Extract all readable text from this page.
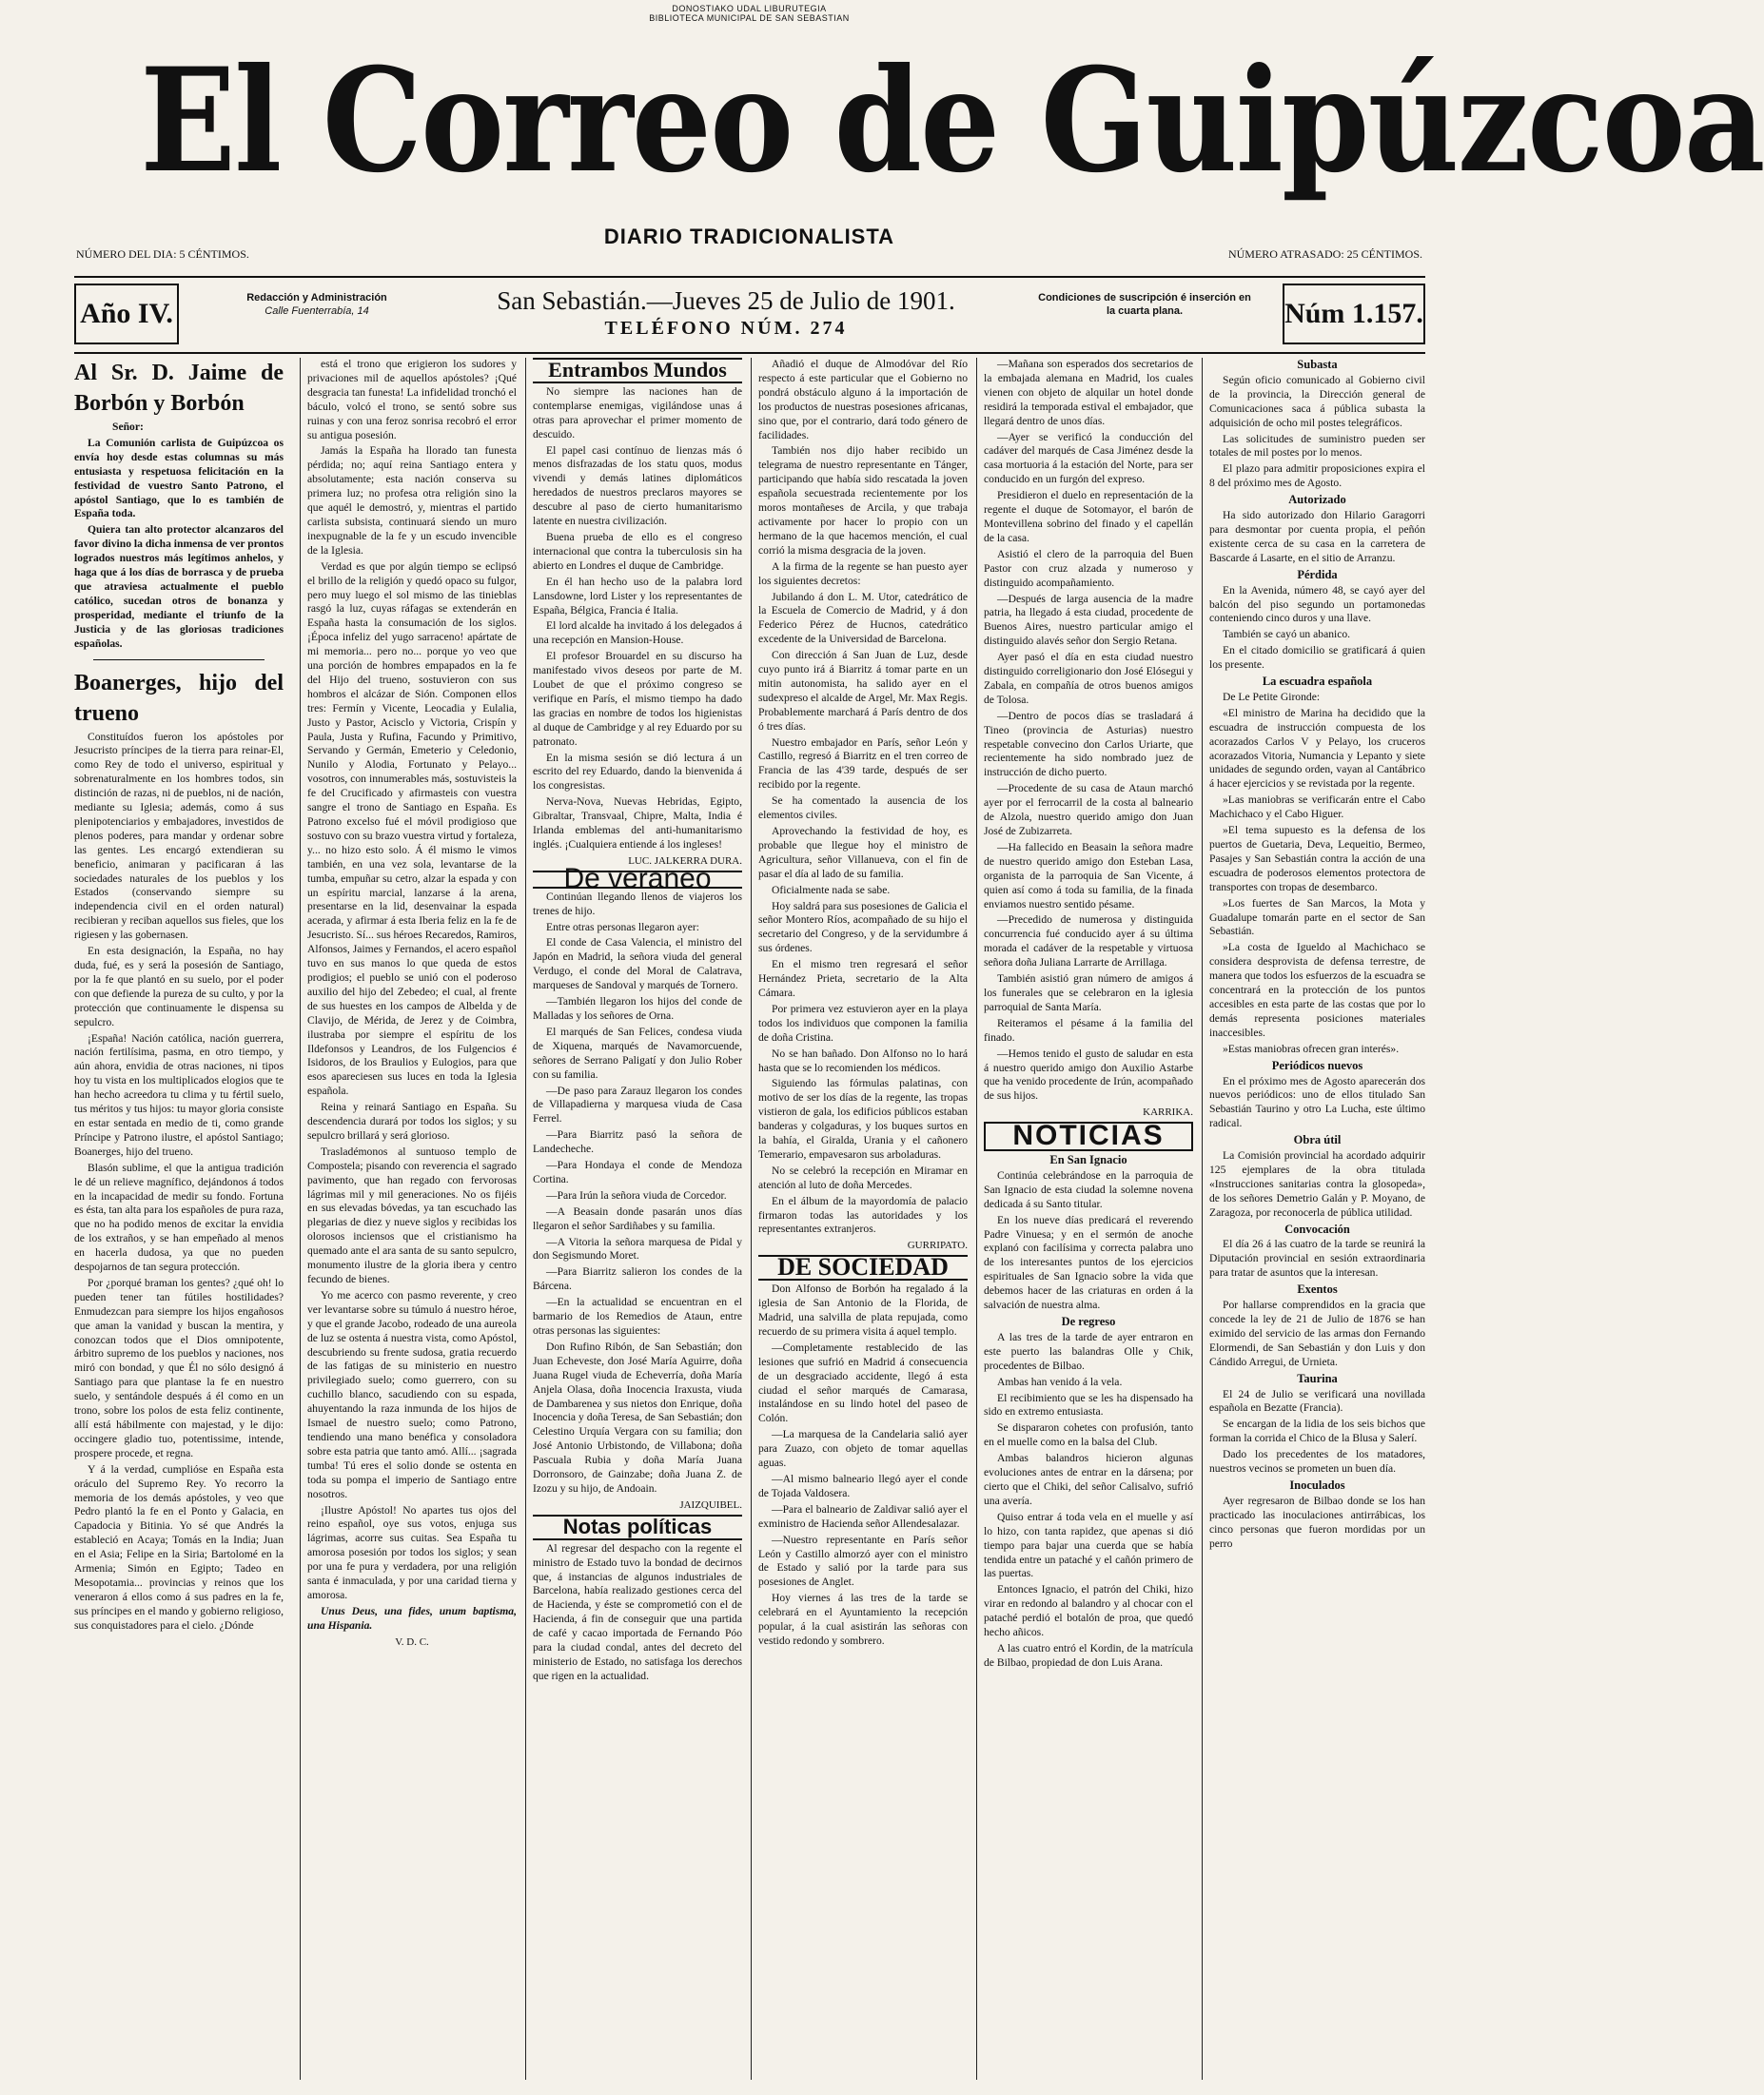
DONOSTIAKO UDAL LIBURUTEGIA
BIBLIOTECA MUNICIPAL DE SAN SEBASTIAN
El Correo de Guipúzcoa
NÚMERO DEL DIA: 5 CÉNTIMOS.
DIARIO TRADICIONALISTA
NÚMERO ATRASADO: 25 CÉNTIMOS.
Año IV.	Redacción y Administración
Calle Fuenterrabía, 14	San Sebastián.—Jueves 25 de Julio de 1901.
TELÉFONO NÚM. 274
Condiciones de suscripción é inserción en la cuarta plana.	Núm 1.157.

Al Sr. D. Jaime de Borbón y Borbón

Señor:

La Comunión carlista de Guipúzcoa os envía hoy desde estas columnas su más entusiasta y respetuosa felicitación en la festividad de vuestro Santo Patrono, el apóstol Santiago, que lo es también de España toda.

Quiera tan alto protector alcanzaros del favor divino la dicha inmensa de ver prontos logrados nuestros más legítimos anhelos, y haga que á los días de borrasca y de prueba que atraviesa actualmente el pueblo católico, sucedan otros de bonanza y prosperidad, mediante el triunfo de la Justicia y de las gloriosas tradiciones españolas.

Boanerges, hijo del trueno

Constituídos fueron los apóstoles por Jesucristo príncipes de la tierra para reinar-El, como Rey de todo el universo, espiritual y sobrenaturalmente en los hombres todos, sin distinción de razas, ni de pueblos, ni de nación, mediante su Iglesia; además, como á sus plenipotenciarios y embajadores, investidos de plenos poderes, para mandar y ordenar sobre las gentes. Les encargó extendieran su beneficio, animaran y pacificaran á las sociedades naturales de los pueblos y los Estados (conservando siempre su independencia civil en el orden natural) recibieran y reciban aquellos sus fieles, que los rigiesen y las gobernasen.

En esta designación, la España, no hay duda, fué, es y será la posesión de Santiago, por la fe que plantó en su suelo, por el poder con que defiende la pureza de su culto, y por la protección que continuamente le dispensa su sepulcro.

¡España! Nación católica, nación guerrera, nación fertilísima, pasma, en otro tiempo, y aún ahora, envidia de otras naciones, ni tipos hoy tu vista en los multiplicados elogios que te han hecho acreedora tu clima y tu fértil suelo, tus méritos y tus hijos: tu mayor gloria consiste en estar sentada en medio de ti, como grande Príncipe y Patrono ilustre, el apóstol Santiago; Boanerges, hijo del trueno.

Blasón sublime, el que la antigua tradición le dé un relieve magnífico, dejándonos á todos en la incapacidad de medir su fondo. Fortuna es ésta, tan alta para los españoles de pura raza, que no ha podido menos de excitar la envidia de los extraños, y se han empeñado al menos en hacerla dudosa, ya que no pueden despojarnos de tan segura protección.

Por ¿porqué braman los gentes? ¿qué oh! lo pueden tener tan fútiles hostilidades? Enmudezcan para siempre los hijos engañosos que aman la vanidad y buscan la mentira, y conozcan todos que el Dios omnipotente, árbitro supremo de los pueblos y naciones, nos miró con bondad, y que Él no sólo designó á Santiago para que plantase la fe en nuestro suelo, y sentándole después á él como en un trono, sobre los polos de esta feliz continente, allí está hábilmente con majestad, y le dijo: occingere gladio tuo, potentissime, intende, prospere procede, et regna.

Y á la verdad, cumplióse en España esta oráculo del Supremo Rey. Yo recorro la memoria de los demás apóstoles, y veo que Pedro plantó la fe en el Ponto y Galacia, en Capadocia y Bitinia. Yo sé que Andrés la estableció en Acaya; Tomás en la India; Juan en el Asia; Felipe en la Siria; Bartolomé en la Armenia; Simón en Egipto; Tadeo en Mesopotamia... provincias y reinos que los veneraron á ellos como á sus padres en la fe, sus príncipes en el mando y gobierno religioso, sus conquistadores para el cielo. ¿Dónde

está el trono que erigieron los sudores y privaciones mil de aquellos apóstoles? ¡Qué desgracia tan funesta! La infidelidad tronchó el báculo, volcó el trono, se sentó sobre sus ruinas y con una feroz sonrisa recobró el error su antigua posesión.

Jamás la España ha llorado tan funesta pérdida; no; aquí reina Santiago entera y absolutamente; esta nación conserva su primera luz; no profesa otra religión sino la que aquél le demostró, y, mientras el partido carlista subsista, continuará siendo un muro inexpugnable de la fe y un escudo invencible de la Iglesia.

Verdad es que por algún tiempo se eclipsó el brillo de la religión y quedó opaco su fulgor, pero muy luego el sol mismo de las tinieblas rasgó la luz, cuyas ráfagas se extenderán en España hasta la consumación de los siglos. ¡Época infeliz del yugo sarraceno! apártate de mi memoria... pero no... porque yo veo que una porción de hombres empapados en la fe del Hijo del trueno, sostuvieron con sus hombros el alcázar de Sión. Componen ellos tres: Fermín y Vicente, Leocadia y Eulalia, Justo y Pastor, Acisclo y Victoria, Crispín y Paula, Justa y Rufina, Facundo y Primitivo, Servando y Germán, Emeterio y Celedonio, Nunilo y Alodia, Fortunato y Pelayo... vosotros, con innumerables más, sostuvisteis la fe del Crucificado y afirmasteis con vuestra sangre el trono de Santiago en España. Es Patrono excelso fué el móvil prodigioso que sostuvo con su brazo vuestra virtud y fortaleza, y... no hizo esto solo. Á él mismo le vimos también, en una vez sola, levantarse de la tumba, empuñar su cetro, alzar la espada y con un espíritu marcial, lanzarse á la arena, presentarse en la lid, desenvainar la espada acerada, y afirmar á esta Iberia feliz en la fe de Jesucristo. Sí... sus héroes Recaredos, Ramiros, Alfonsos, Jaimes y Fernandos, el acero español tuvo en sus manos lo que queda de estos prodigios; el pueblo se unió con el poderoso auxilio del hijo del Zebedeo; el cual, al frente de sus huestes en los campos de Albelda y de Clavijo, de Mérida, de Jerez y de Coimbra, ilustraba por siempre el espíritu de los Ildefonsos y Leandros, de los Fulgencios é Isidoros, de los Braulios y Eulogios, para que esos apareciesen sus luces en toda la Iglesia española.

Reina y reinará Santiago en España. Su descendencia durará por todos los siglos; y su sepulcro brillará y será glorioso.

Trasladémonos al suntuoso templo de Compostela; pisando con reverencia el sagrado pavimento, que han regado con fervorosas lágrimas mil y mil generaciones. No os fijéis en sus elevadas bóvedas, ya tan escuchado las plegarias de diez y nueve siglos y recibidas los olorosos inciensos que el cristianismo ha quemado ante el ara santa de su santo sepulcro, monumento ilustre de la gloria ibera y centro fecundo de bienes.

Yo me acerco con pasmo reverente, y creo ver levantarse sobre su túmulo á nuestro héroe, y que el grande Jacobo, rodeado de una aureola de luz se ostenta á nuestra vista, como Apóstol, descubriendo su frente sudosa, gratia recuerdo de las fatigas de su ministerio en nuestro privilegiado suelo; como guerrero, con su cuchillo blanco, sacudiendo con su espada, ahuyentando la raza inmunda de los hijos de Ismael de nuestro suelo; como Patrono, tendiendo una mano benéfica y consoladora sobre esta patria que tanto amó. Allí... ¡sagrada tumba! Tú eres el solio donde se ostenta en toda su pompa el imperio de Santiago entre nosotros.

¡Ilustre Apóstol! No apartes tus ojos del reino español, oye sus votos, enjuga sus lágrimas, acorre sus cuitas. Sea España tu amorosa posesión por todos los siglos; y sean por una fe pura y verdadera, por una religión santa é inmaculada, y por una caridad tierna y amorosa.

Unus Deus, una fides, unum baptisma, una Hispania.

V. D. C.

Entrambos Mundos

No siempre las naciones han de contemplarse enemigas, vigilándose unas á otras para aprovechar el primer momento de descuido.

El papel casi contínuo de lienzas más ó menos disfrazadas de los statu quos, modus vivendi y demás latines diplomáticos heredados de nuestros preclaros mayores se descubre al paso de cierto humanitarismo latente en nuestra civilización.

Buena prueba de ello es el congreso internacional que contra la tuberculosis sin ha abierto en Londres el duque de Cambridge.

En él han hecho uso de la palabra lord Lansdowne, lord Lister y los representantes de España, Bélgica, Francia é Italia.

El lord alcalde ha invitado á los delegados á una recepción en Mansion-House.

El profesor Brouardel en su discurso ha manifestado vivos deseos por parte de M. Loubet de que el próximo congreso se verifique en París, el mismo tiempo ha dado las gracias en nombre de todos los higienistas al duque de Cambridge y al rey Eduardo por su patronato.

En la misma sesión se dió lectura á un escrito del rey Eduardo, dando la bienvenida á los congresistas.

Nerva-Nova, Nuevas Hebridas, Egipto, Gibraltar, Transvaal, Chipre, Malta, India é Irlanda emblemas del anti-humanitarismo inglés. ¡Cualquiera entiende á los ingleses!

LUC. JALKERRA DURA.

De veraneo

Continúan llegando llenos de viajeros los trenes de hijo.

Entre otras personas llegaron ayer:

El conde de Casa Valencia, el ministro del Japón en Madrid, la señora viuda del general Verdugo, el conde del Moral de Calatrava, marqueses de Sandoval y marqués de Tornero.

—También llegaron los hijos del conde de Malladas y los señores de Orna.

El marqués de San Felices, condesa viuda de Xiquena, marqués de Navamorcuende, señores de Serrano Paligatí y don Julio Rober con su familia.

—De paso para Zarauz llegaron los condes de Villapadierna y marquesa viuda de Casa Ferrel.

—Para Biarritz pasó la señora de Landecheche.

—Para Hondaya el conde de Mendoza Cortina.

—Para Irún la señora viuda de Corcedor.

—A Beasain donde pasarán unos días llegaron el señor Sardiñabes y su familia.

—A Vitoria la señora marquesa de Pidal y don Segismundo Moret.

—Para Biarritz salieron los condes de la Bárcena.

—En la actualidad se encuentran en el barmario de los Remedios de Ataun, entre otras personas las siguientes:

Don Rufino Ribón, de San Sebastián; don Juan Echeveste, don José María Aguirre, doña Juana Rugel viuda de Echeverría, doña María Anjela Olasa, doña Inocencia Iraxusta, viuda de Dambarenea y sus nietos don Enrique, doña Inocencia y doña Teresa, de San Sebastián; don Celestino Urquía Vergara con su familia; don José Antonio Urbistondo, de Villabona; doña Pascuala Rubia y doña María Juana Dorronsoro, de Gainzabe; doña Juana Z. de Izozu y su hijo, de Andoain.

JAIZQUIBEL.

Notas políticas

Al regresar del despacho con la regente el ministro de Estado tuvo la bondad de decirnos que, á instancias de algunos industriales de Barcelona, había realizado gestiones cerca del de Hacienda, y éste se comprometió con el de Hacienda, á fin de conseguir que una partida de café y cacao importada de Fernando Póo para la ciudad condal, antes del decreto del ministerio de Estado, no satisfaga los derechos que rigen en la actualidad.

Añadió el duque de Almodóvar del Río respecto á este particular que el Gobierno no pondrá obstáculo alguno á la importación de los productos de nuestras posesiones africanas, sino que, por el contrario, dará todo género de facilidades.

También nos dijo haber recibido un telegrama de nuestro representante en Tánger, participando que había sido rescatada la joven española secuestrada recientemente por los moros montañeses de Arcila, y que trabaja activamente por hacer lo propio con un hermano de la que hacemos mención, el cual corrió la misma desgracia de la joven.

A la firma de la regente se han puesto ayer los siguientes decretos:

Jubilando á don L. M. Utor, catedrático de la Escuela de Comercio de Madrid, y á don Federico Pérez de Hucnos, catedrático excedente de la Universidad de Barcelona.

Con dirección á San Juan de Luz, desde cuyo punto irá á Biarritz á tomar parte en un mitin autonomista, ha salido ayer en el sudexpreso el alcalde de Argel, Mr. Max Regis. Probablemente marchará á París dentro de dos ó tres días.

Nuestro embajador en París, señor León y Castillo, regresó á Biarritz en el tren correo de Francia de las 4'39 tarde, después de ser recibido por la regente.

Se ha comentado la ausencia de los elementos civiles.

Aprovechando la festividad de hoy, es probable que llegue hoy el ministro de Agricultura, señor Villanueva, con el fin de pasar el día al lado de su familia.

Oficialmente nada se sabe.

Hoy saldrá para sus posesiones de Galicia el señor Montero Ríos, acompañado de su hijo el secretario del Congreso, y de la servidumbre á sus órdenes.

En el mismo tren regresará el señor Hernández Prieta, secretario de la Alta Cámara.

Por primera vez estuvieron ayer en la playa todos los individuos que componen la familia de doña Cristina.

No se han bañado. Don Alfonso no lo hará hasta que se lo recomienden los médicos.

Siguiendo las fórmulas palatinas, con motivo de ser los días de la regente, las tropas vistieron de gala, los edificios públicos estaban banderas y colgaduras, y los buques surtos en la bahía, el Giralda, Urania y el cañonero Temerario, empavesaron sus arboladuras.

No se celebró la recepción en Miramar en atención al luto de doña Mercedes.

En el álbum de la mayordomía de palacio firmaron todas las autoridades y los representantes extranjeros.

GURRIPATO.

DE SOCIEDAD

Don Alfonso de Borbón ha regalado á la iglesia de San Antonio de la Florida, de Madrid, una salvilla de plata repujada, como recuerdo de su primera visita á aquel templo.

—Completamente restablecido de las lesiones que sufrió en Madrid á consecuencia de un desgraciado accidente, llegó á esta ciudad el señor marqués de Camarasa, instalándose en su lindo hotel del paseo de Colón.

—La marquesa de la Candelaria salió ayer para Zuazo, con objeto de tomar aquellas aguas.

—Al mismo balneario llegó ayer el conde de Tojada Valdosera.

—Para el balneario de Zaldivar salió ayer el exministro de Hacienda señor Allendesalazar.

—Nuestro representante en París señor León y Castillo almorzó ayer con el ministro de Estado y salió por la tarde para sus posesiones de Anglet.

Hoy viernes á las tres de la tarde se celebrará en el Ayuntamiento la recepción popular, á la cual asistirán las señoras con vestido redondo y sombrero.

—Mañana son esperados dos secretarios de la embajada alemana en Madrid, los cuales vienen con objeto de alquilar un hotel donde residirá la temporada estival el embajador, que llegará dentro de unos días.

—Ayer se verificó la conducción del cadáver del marqués de Casa Jiménez desde la casa mortuoria á la estación del Norte, para ser conducido en un furgón del expreso.

Presidieron el duelo en representación de la regente el duque de Sotomayor, el barón de Montevillena sobrino del finado y el capellán de la casa.

Asistió el clero de la parroquia del Buen Pastor con cruz alzada y numeroso y distinguido acompañamiento.

—Después de larga ausencia de la madre patria, ha llegado á esta ciudad, procedente de Buenos Aires, nuestro particular amigo el distinguido alavés señor don Sergio Retana.

Ayer pasó el día en esta ciudad nuestro distinguido correligionario don José Elósegui y Zabala, en compañía de otros buenos amigos de Tolosa.

—Dentro de pocos días se trasladará á Tineo (provincia de Asturias) nuestro respetable convecino don Carlos Uriarte, que recientemente ha sido nombrado juez de instrucción de dicho puerto.

—Procedente de su casa de Ataun marchó ayer por el ferrocarril de la costa al balneario de Alzola, nuestro querido amigo don Juan José de Zubizarreta.

—Ha fallecido en Beasain la señora madre de nuestro querido amigo don Esteban Lasa, organista de la parroquia de San Vicente, á quien así como á toda su familia, de la finada enviamos nuestro sentido pésame.

—Precedido de numerosa y distinguida concurrencia fué conducido ayer á su última morada el cadáver de la respetable y virtuosa señora doña Juliana Larrarte de Arrillaga.

También asistió gran número de amigos á los funerales que se celebraron en la iglesia parroquial de Santa María.

Reiteramos el pésame á la familia del finado.

—Hemos tenido el gusto de saludar en esta á nuestro querido amigo don Auxilio Astarbe que ha venido procedente de Irún, acompañado de sus hijos.

KARRIKA.

NOTICIAS

En San Ignacio

Continúa celebrándose en la parroquia de San Ignacio de esta ciudad la solemne novena dedicada á su Santo titular.

En los nueve días predicará el reverendo Padre Vinuesa; y en el sermón de anoche explanó con facilísima y correcta palabra uno de los interesantes puntos de los ejercicios espirituales de San Ignacio sobre la vida que debemos hacer de las criaturas en orden á la salvación de nuestra alma.

De regreso

A las tres de la tarde de ayer entraron en este puerto las balandras Olle y Chik, procedentes de Bilbao.

Ambas han venido á la vela.

El recibimiento que se les ha dispensado ha sido en extremo entusiasta.

Se dispararon cohetes con profusión, tanto en el muelle como en la balsa del Club.

Ambas balandros hicieron algunas evoluciones antes de entrar en la dársena; por cierto que el Chiki, del señor Calisalvo, sufrió una avería.

Quiso entrar á toda vela en el muelle y así lo hizo, con tanta rapidez, que apenas si dió tiempo para bajar una cuerda que se había tendida entre un pataché y el cañón primero de las puertas.

Entonces Ignacio, el patrón del Chiki, hizo virar en redondo al balandro y al chocar con el pataché perdió el botalón de proa, que quedó hecho añicos.

A las cuatro entró el Kordin, de la matrícula de Bilbao, propiedad de don Luis Arana.

Subasta

Según oficio comunicado al Gobierno civil de la provincia, la Dirección general de Comunicaciones saca á pública subasta la adquisición de ocho mil postes telegráficos.

Las solicitudes de suministro pueden ser totales de mil postes por lo menos.

El plazo para admitir proposiciones expira el 8 del próximo mes de Agosto.

Autorizado

Ha sido autorizado don Hilario Garagorri para desmontar por cuenta propia, el peñón existente cerca de su casa en la carretera de Bascarde á Lasarte, en el sitio de Arranzu.

Pérdida

En la Avenida, número 48, se cayó ayer del balcón del piso segundo un portamonedas conteniendo cinco duros y una llave.

También se cayó un abanico.

En el citado domicilio se gratificará á quien los presente.

La escuadra española

De Le Petite Gironde:

«El ministro de Marina ha decidido que la escuadra de instrucción compuesta de los acorazados Carlos V y Pelayo, los cruceros acorazados Vitoria, Numancia y Lepanto y siete unidades de segundo orden, vayan al Cantábrico á hacer ejercicios y se revistada por la regente.

»Las maniobras se verificarán entre el Cabo Machichaco y el Cabo Higuer.

»El tema supuesto es la defensa de los puertos de Guetaria, Deva, Lequeitio, Bermeo, Pasajes y San Sebastián contra la acción de una escuadra de poderosos elementos protectora de transportes con tropas de desembarco.

»Los fuertes de San Marcos, la Mota y Guadalupe tomarán parte en el sector de San Sebastián.

»La costa de Igueldo al Machichaco se considera desprovista de defensa terrestre, de manera que todos los esfuerzos de la escuadra se concentrará en la protección de los puntos accesibles en esta parte de las costas que por lo demás representa posiciones materiales inaccesibles.

»Estas maniobras ofrecen gran interés».

Periódicos nuevos

En el próximo mes de Agosto aparecerán dos nuevos periódicos: uno de ellos titulado San Sebastián Taurino y otro La Lucha, este último radical.

Obra útil

La Comisión provincial ha acordado adquirir 125 ejemplares de la obra titulada «Instrucciones sanitarias contra la glosopeda», de los señores Demetrio Galán y P. Moyano, de Zaragoza, por reconocerla de pública utilidad.

Convocación

El día 26 á las cuatro de la tarde se reunirá la Diputación provincial en sesión extraordinaria para tratar de asuntos que la interesan.

Exentos

Por hallarse comprendidos en la gracia que concede la ley de 21 de Julio de 1876 se han eximido del servicio de las armas don Fernando Elormendi, de San Sebastián y don Luis y don Cándido Arregui, de Urnieta.

Taurina

El 24 de Julio se verificará una novillada española en Bezatte (Francia).

Se encargan de la lidia de los seis bichos que forman la corrida el Chico de la Blusa y Salerí.

Dado los precedentes de los matadores, nuestros vecinos se prometen un buen día.

Inoculados

Ayer regresaron de Bilbao donde se los han practicado las inoculaciones antirrábicas, los cinco personas que fueron mordidas por un perro
